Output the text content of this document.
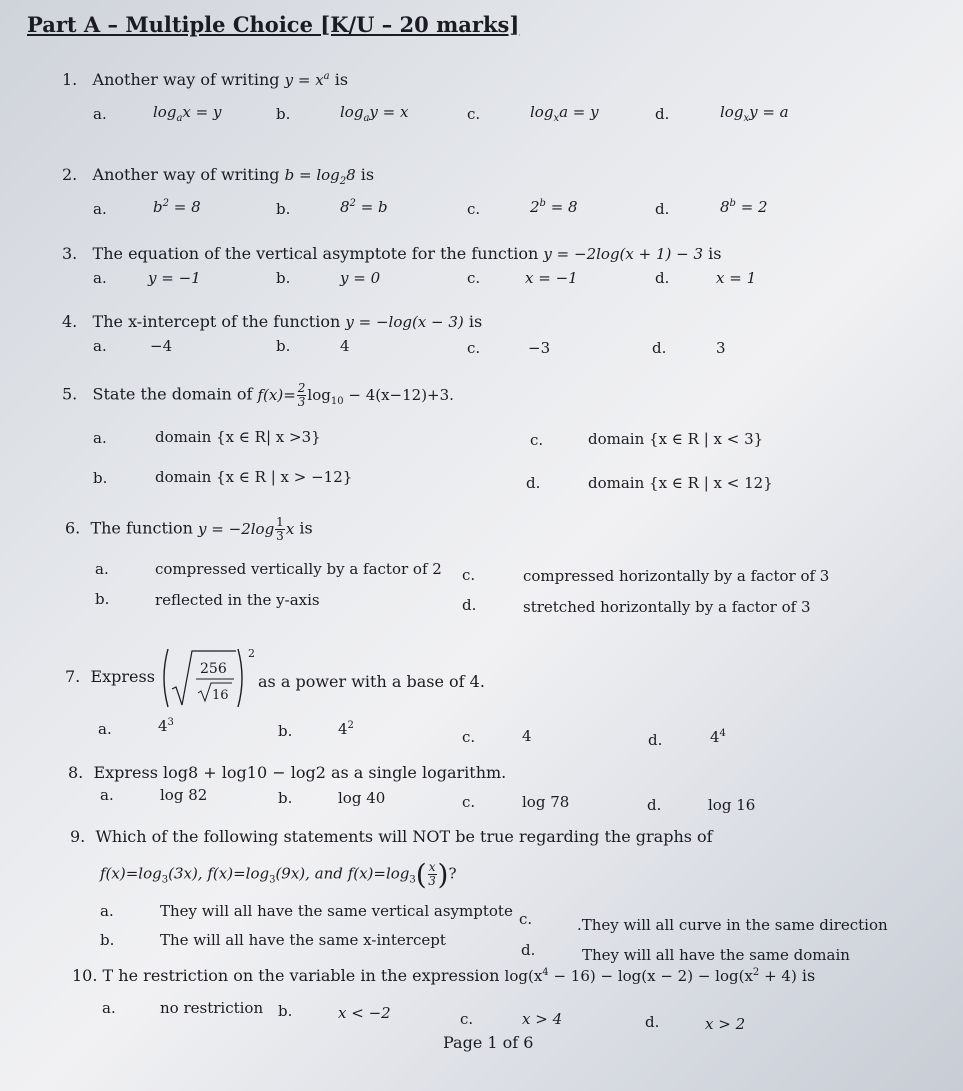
Part A – Multiple Choice [K/U – 20 marks]
1. Another way of writing $y = x^a$ is
a.	$\log_ax = y$	b.	$\log_ay = x$	c.	$\log_xa = y$	d.	$\log_xy = a$
2. Another way of writing $b = \log_28$ is
a.	$b^2 = 8$	b.	$8^2 = b$	c.	$2^b = 8$	d.	$8^b = 2$
3. The equation of the vertical asymptote for the function y = −2log(x + 1) − 3 is
a.	y = −1	b.	y = 0	c.	x = −1	d.	x = 1
4. The x-intercept of the function y = −log(x − 3) is
a.	−4	b.	4	c.	−3	d.	3
5. State the domain of $f(x)= \frac{2}{3} \log_{10} - 4(x-12)+3$.
a.	domain {x ∈ R| x >3}
b.	domain {x ∈ R | x > −12}
c.	domain {x ∈ R | x < 3}
d.	domain {x ∈ R | x < 12}
6. The function $y = -2\log \frac{1}{3}$ x is
a.	compressed vertically by a factor of 2
b.	reflected in the y-axis
c.	compressed horizontally by a factor of 3
d.	stretched horizontally by a factor of 3
7. Express	256
16
2
as a power with a base of 4.
a.	$4^3$	b.	$4^2$
c.	4	d.	$4^4$
8. Express log8 + log10 − log2 as a single logarithm.
a.	log 82	b.	log 40	c.	log 78	d.	log 16
9. Which of the following statements will NOT be true regarding the graphs of
$f(x)=\log_3(3x)$, $f(x)=\log_3(9x)$, and $f(x)=\log_3( \frac{x}{3}$ )?
a.	They will all have the same vertical asymptote
b.	The will all have the same x-intercept
c.	.They will all curve in the same direction
d.	They will all have the same domain
10. T he restriction on the variable in the expression $\log(x^4 - 16) - \log(x - 2) - \log(x^2 + 4)$ is
a.	no restriction b.	x < −2	c.	x > 4	d.	x > 2
Page 1 of 6
